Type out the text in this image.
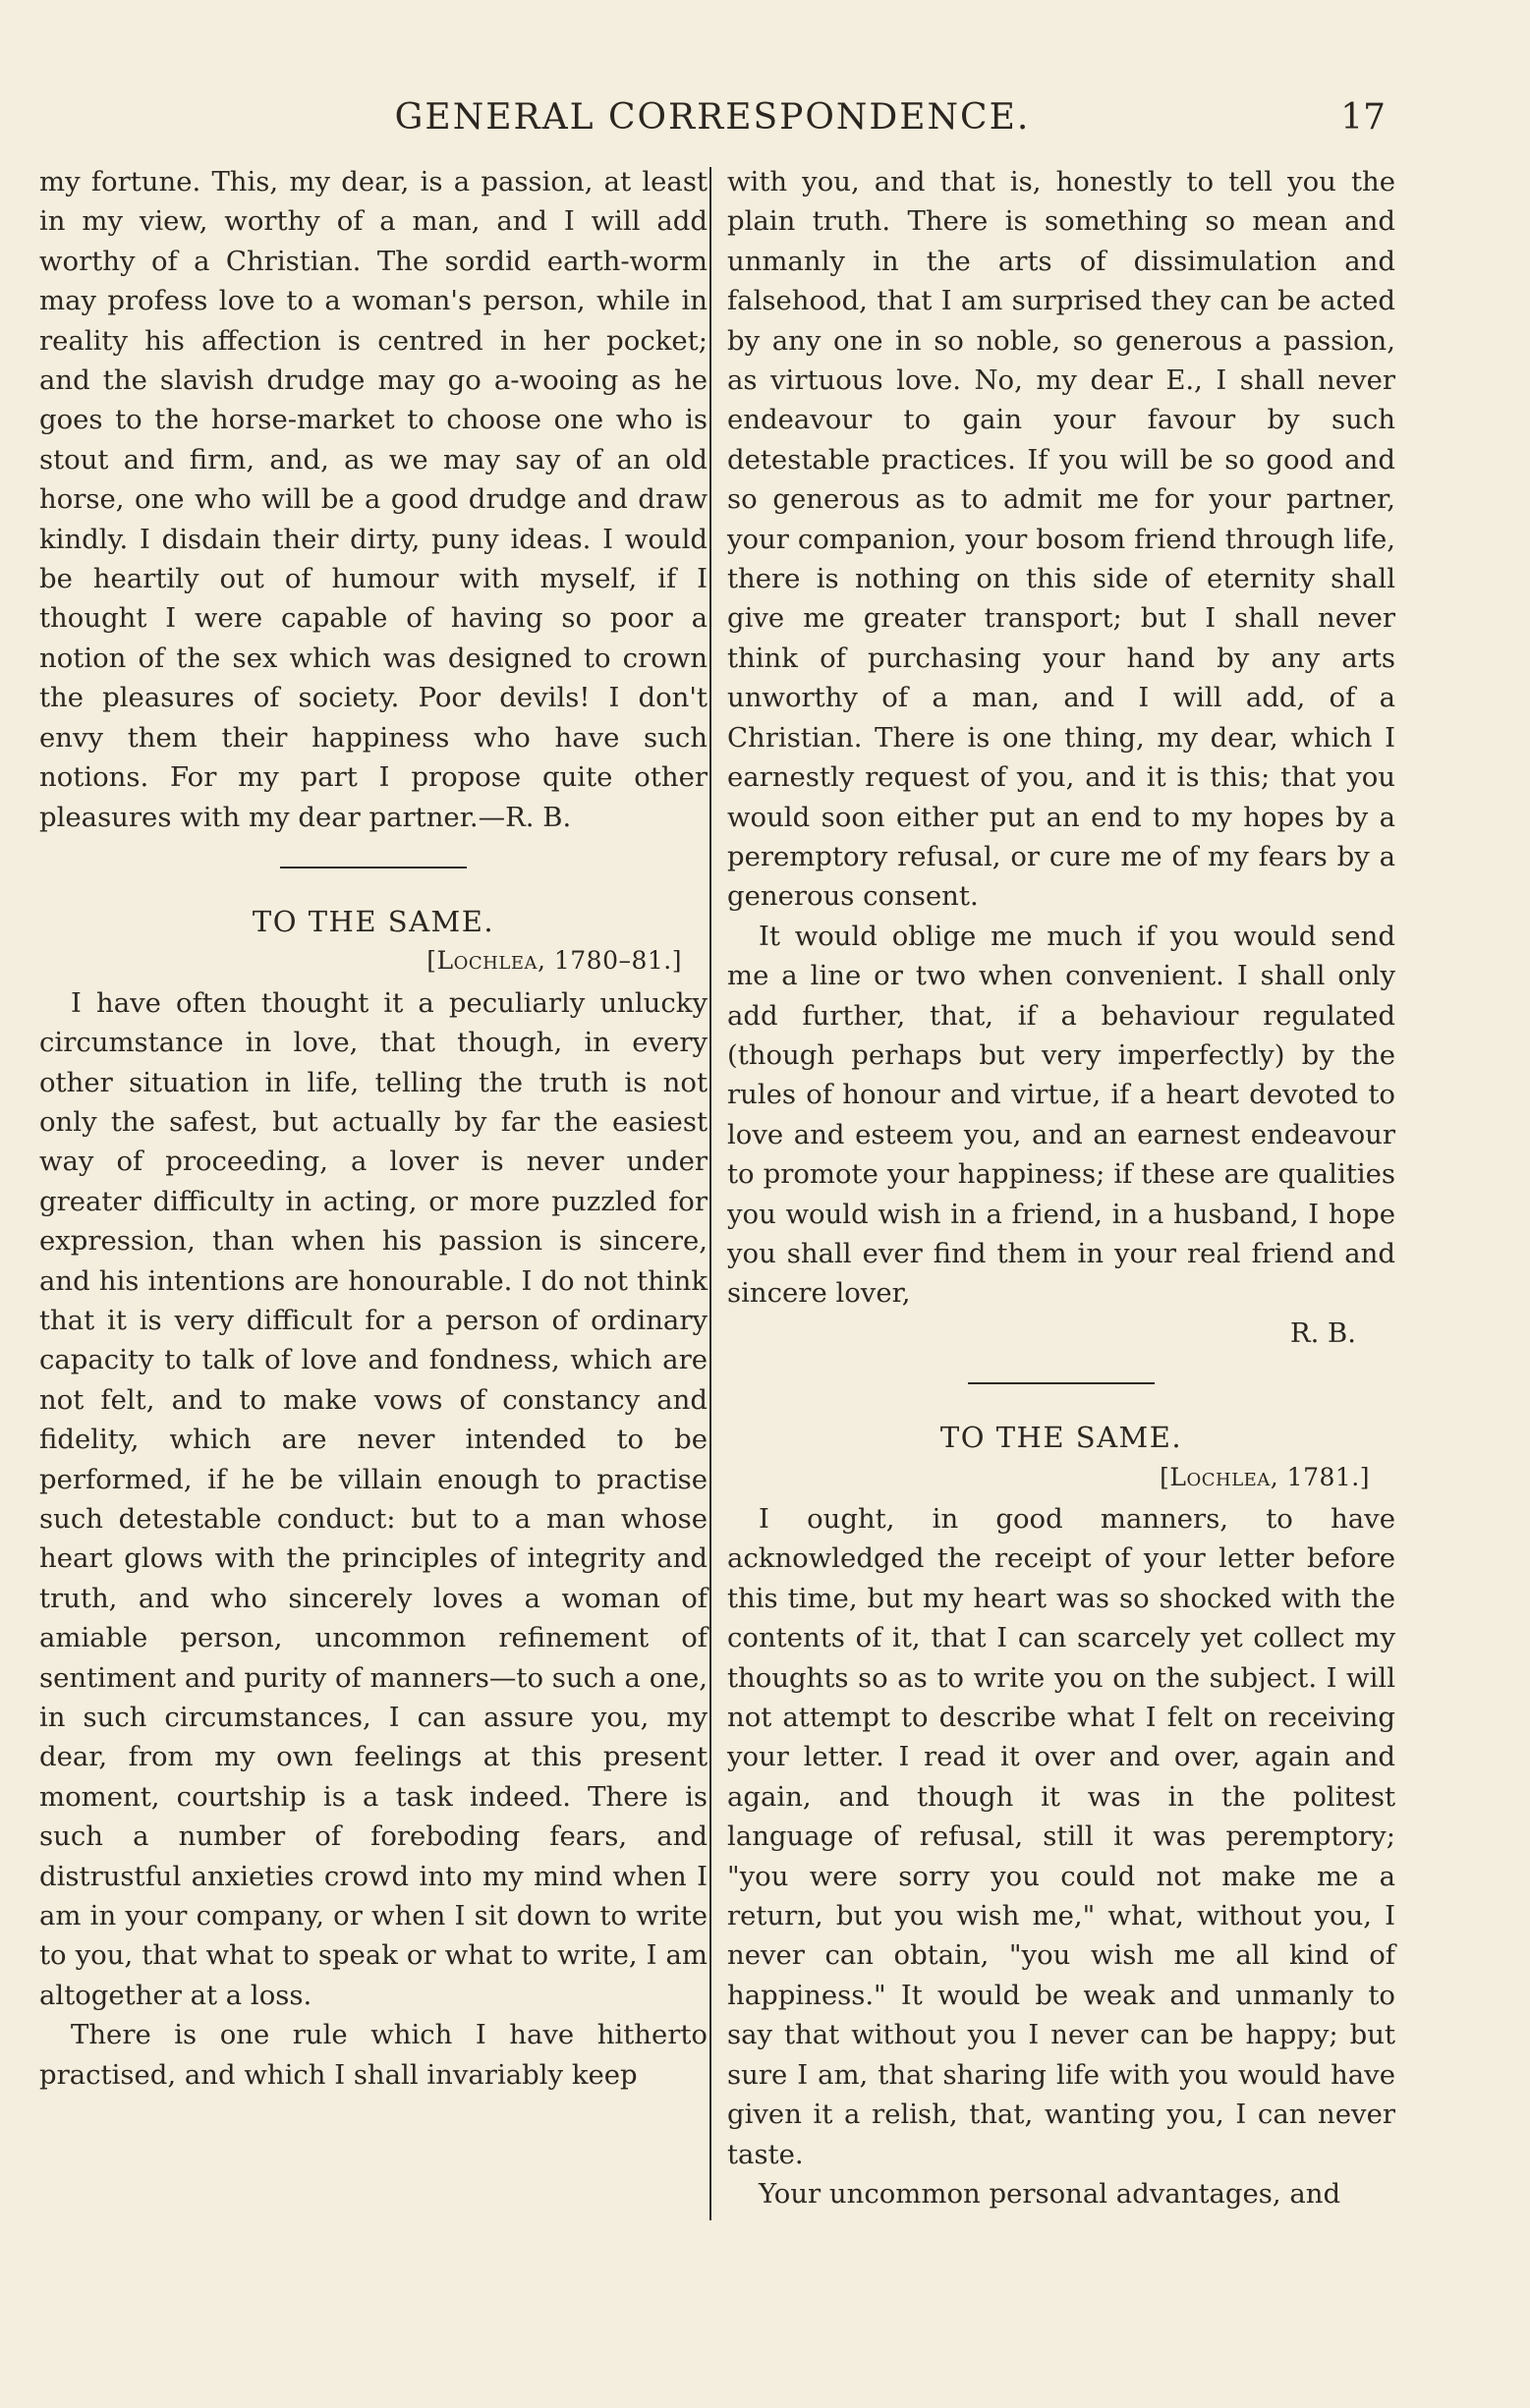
GENERAL CORRESPONDENCE.	17

my fortune. This, my dear, is a passion, at least in my view, worthy of a man, and I will add worthy of a Christian. The sordid earth-worm may profess love to a woman's person, while in reality his affection is centred in her pocket; and the slavish drudge may go a-wooing as he goes to the horse-market to choose one who is stout and firm, and, as we may say of an old horse, one who will be a good drudge and draw kindly. I disdain their dirty, puny ideas. I would be heartily out of humour with myself, if I thought I were capable of having so poor a notion of the sex which was designed to crown the pleasures of society. Poor devils! I don't envy them their happiness who have such notions. For my part I propose quite other pleasures with my dear partner.—R. B.

TO THE SAME.

[Lochlea, 1780–81.]

I have often thought it a peculiarly unlucky circumstance in love, that though, in every other situation in life, telling the truth is not only the safest, but actually by far the easiest way of proceeding, a lover is never under greater difficulty in acting, or more puzzled for expression, than when his passion is sincere, and his intentions are honourable. I do not think that it is very difficult for a person of ordinary capacity to talk of love and fondness, which are not felt, and to make vows of constancy and fidelity, which are never intended to be performed, if he be villain enough to practise such detestable conduct: but to a man whose heart glows with the principles of integrity and truth, and who sincerely loves a woman of amiable person, uncommon refinement of sentiment and purity of manners—to such a one, in such circumstances, I can assure you, my dear, from my own feelings at this present moment, courtship is a task indeed. There is such a number of foreboding fears, and distrustful anxieties crowd into my mind when I am in your company, or when I sit down to write to you, that what to speak or what to write, I am altogether at a loss.

There is one rule which I have hitherto practised, and which I shall invariably keep

with you, and that is, honestly to tell you the plain truth. There is something so mean and unmanly in the arts of dissimulation and falsehood, that I am surprised they can be acted by any one in so noble, so generous a passion, as virtuous love. No, my dear E., I shall never endeavour to gain your favour by such detestable practices. If you will be so good and so generous as to admit me for your partner, your companion, your bosom friend through life, there is nothing on this side of eternity shall give me greater transport; but I shall never think of purchasing your hand by any arts unworthy of a man, and I will add, of a Christian. There is one thing, my dear, which I earnestly request of you, and it is this; that you would soon either put an end to my hopes by a peremptory refusal, or cure me of my fears by a generous consent.

It would oblige me much if you would send me a line or two when convenient. I shall only add further, that, if a behaviour regulated (though perhaps but very imperfectly) by the rules of honour and virtue, if a heart devoted to love and esteem you, and an earnest endeavour to promote your happiness; if these are qualities you would wish in a friend, in a husband, I hope you shall ever find them in your real friend and sincere lover,

R. B.

TO THE SAME.

[Lochlea, 1781.]

I ought, in good manners, to have acknowledged the receipt of your letter before this time, but my heart was so shocked with the contents of it, that I can scarcely yet collect my thoughts so as to write you on the subject. I will not attempt to describe what I felt on receiving your letter. I read it over and over, again and again, and though it was in the politest language of refusal, still it was peremptory; "you were sorry you could not make me a return, but you wish me," what, without you, I never can obtain, "you wish me all kind of happiness." It would be weak and unmanly to say that without you I never can be happy; but sure I am, that sharing life with you would have given it a relish, that, wanting you, I can never taste.

Your uncommon personal advantages, and
